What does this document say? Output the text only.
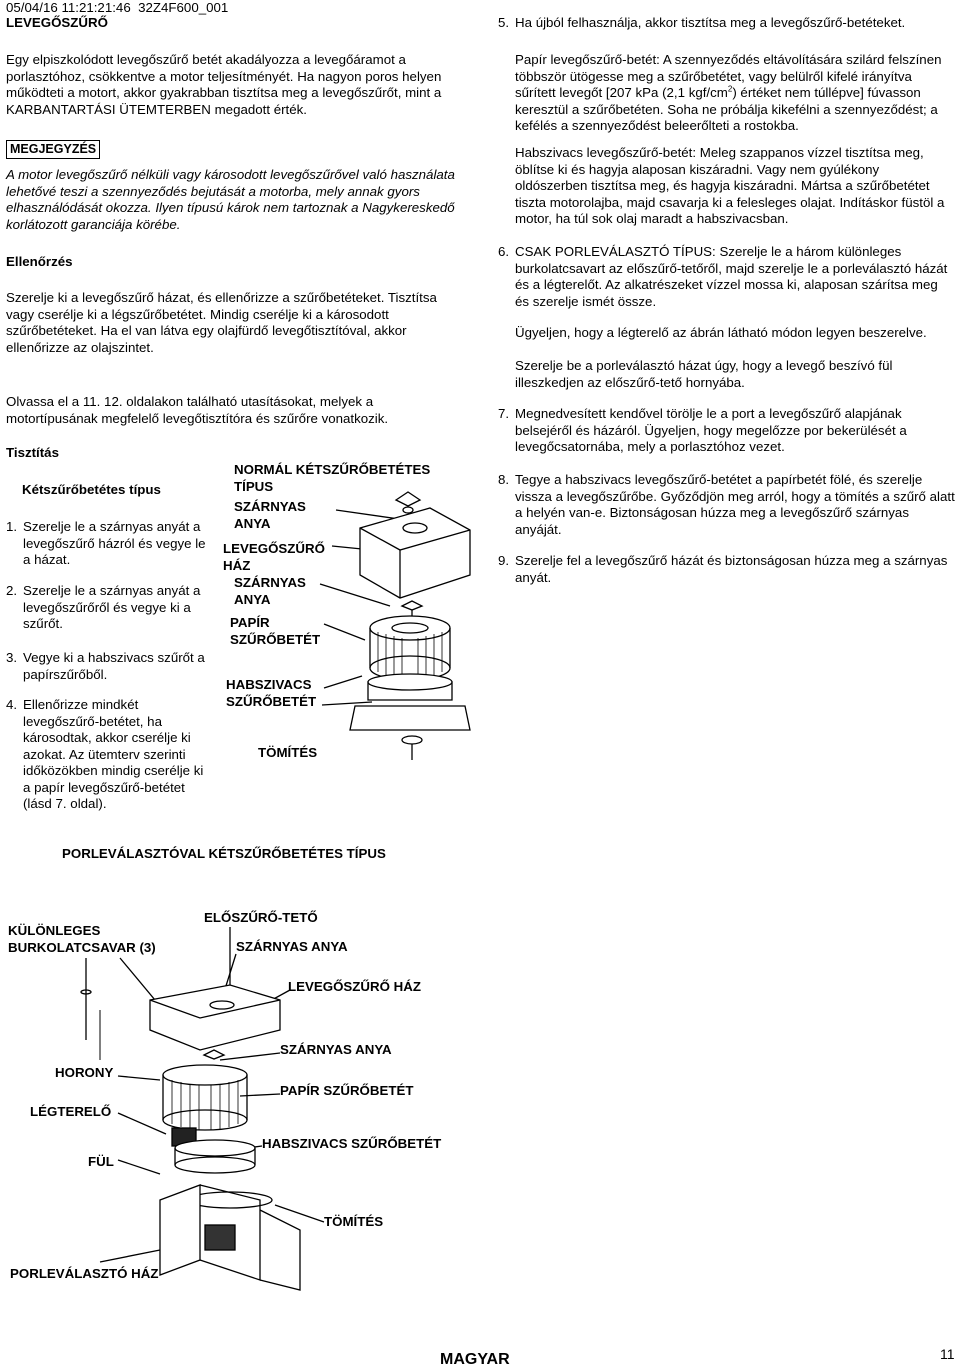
05/04/16 11:21:21:46 32Z4F600_001
LEVEGŐSZŰRŐ

Egy elpiszkolódott levegőszűrő betét akadályozza a levegőáramot a porlasztóhoz, csökkentve a motor teljesítményét. Ha nagyon poros helyen működteti a motort, akkor gyakrabban tisztítsa meg a levegőszűrőt, mint a KARBANTARTÁSI ÜTEMTERBEN megadott érték.

MEGJEGYZÉS

A motor levegőszűrő nélküli vagy károsodott levegőszűrővel való használata lehetővé teszi a szennyeződés bejutását a motorba, mely annak gyors elhasználódását okozza. Ilyen típusú károk nem tartoznak a Nagykereskedő korlátozott garanciája körébe.

Ellenőrzés

Szerelje ki a levegőszűrő házat, és ellenőrizze a szűrőbetéteket. Tisztítsa vagy cserélje ki a légszűrőbetétet. Mindig cserélje ki a károsodott szűrőbetéteket. Ha el van látva egy olajfürdő levegőtisztítóval, akkor ellenőrizze az olajszintet.

Olvassa el a 11. 12. oldalakon található utasításokat, melyek a motortípusának megfelelő levegőtisztítóra és szűrőre vonatkozik.

Tisztítás

Kétszűrőbetétes típus

1. Szerelje le a szárnyas anyát a levegőszűrő házról és vegye le a házat.

2. Szerelje le a szárnyas anyát a levegőszűrőről és vegye ki a szűrőt.

3. Vegye ki a habszivacs szűrőt a papírszűrőből.

4. Ellenőrizze mindkét levegőszűrő-betétet, ha károsodtak, akkor cserélje ki azokat. Az ütemterv szerinti időközökben mindig cserélje ki a papír levegőszűrő-betétet (lásd 7. oldal).

NORMÁL KÉTSZŰRŐBETÉTES
TÍPUS
SZÁRNYAS
ANYA
LEVEGŐSZŰRŐ
HÁZ
SZÁRNYAS
ANYA
PAPÍR
SZŰRŐBETÉT
HABSZIVACS
SZŰRŐBETÉT
TÖMÍTÉS
PORLEVÁLASZTÓVAL KÉTSZŰRŐBETÉTES TÍPUS
KÜLÖNLEGES
BURKOLATCSAVAR (3)
ELŐSZŰRŐ-TETŐ
SZÁRNYAS ANYA
LEVEGŐSZŰRŐ HÁZ
SZÁRNYAS ANYA
HORONY
PAPÍR SZŰRŐBETÉT
LÉGTERELŐ
HABSZIVACS SZŰRŐBETÉT
FÜL
TÖMÍTÉS
PORLEVÁLASZTÓ HÁZ
5. Ha újból felhasználja, akkor tisztítsa meg a levegőszűrő-betéteket.

Papír levegőszűrő-betét: A szennyeződés eltávolítására szilárd felszínen többször ütögesse meg a szűrőbetétet, vagy belülről kifelé irányítva sűrített levegőt [207 kPa (2,1 kgf/$cm^2$) értéket nem túllépve] fúvasson keresztül a szűrőbetéten. Soha ne próbálja kikefélni a szennyeződést; a kefélés a szennyeződést beleerőlteti a rostokba.

Habszivacs levegőszűrő-betét: Meleg szappanos vízzel tisztítsa meg, öblítse ki és hagyja alaposan kiszáradni. Vagy nem gyúlékony oldószerben tisztítsa meg, és hagyja kiszáradni. Mártsa a szűrőbetétet tiszta motorolajba, majd csavarja ki a felesleges olajat. Indításkor füstöl a motor, ha túl sok olaj maradt a habszivacsban.

6. CSAK PORLEVÁLASZTÓ TÍPUS: Szerelje le a három különleges burkolatcsavart az előszűrő-tetőről, majd szerelje le a porleválasztó házát és a légterelőt. Az alkatrészeket vízzel mossa ki, alaposan szárítsa meg és szerelje ismét össze.

Ügyeljen, hogy a légterelő az ábrán látható módon legyen beszerelve.

Szerelje be a porleválasztó házat úgy, hogy a levegő beszívó fül illeszkedjen az előszűrő-tető hornyába.

7. Megnedvesített kendővel törölje le a port a levegőszűrő alapjának belsejéről és házáról. Ügyeljen, hogy megelőzze por bekerülését a levegőcsatornába, mely a porlasztóhoz vezet.

8. Tegye a habszivacs levegőszűrő-betétet a papírbetét fölé, és szerelje vissza a levegőszűrőbe. Győződjön meg arról, hogy a tömítés a szűrő alatt a helyén van-e. Biztonságosan húzza meg a levegőszűrő szárnyas anyáját.

9. Szerelje fel a levegőszűrő házát és biztonságosan húzza meg a szárnyas anyát.

MAGYAR	11
